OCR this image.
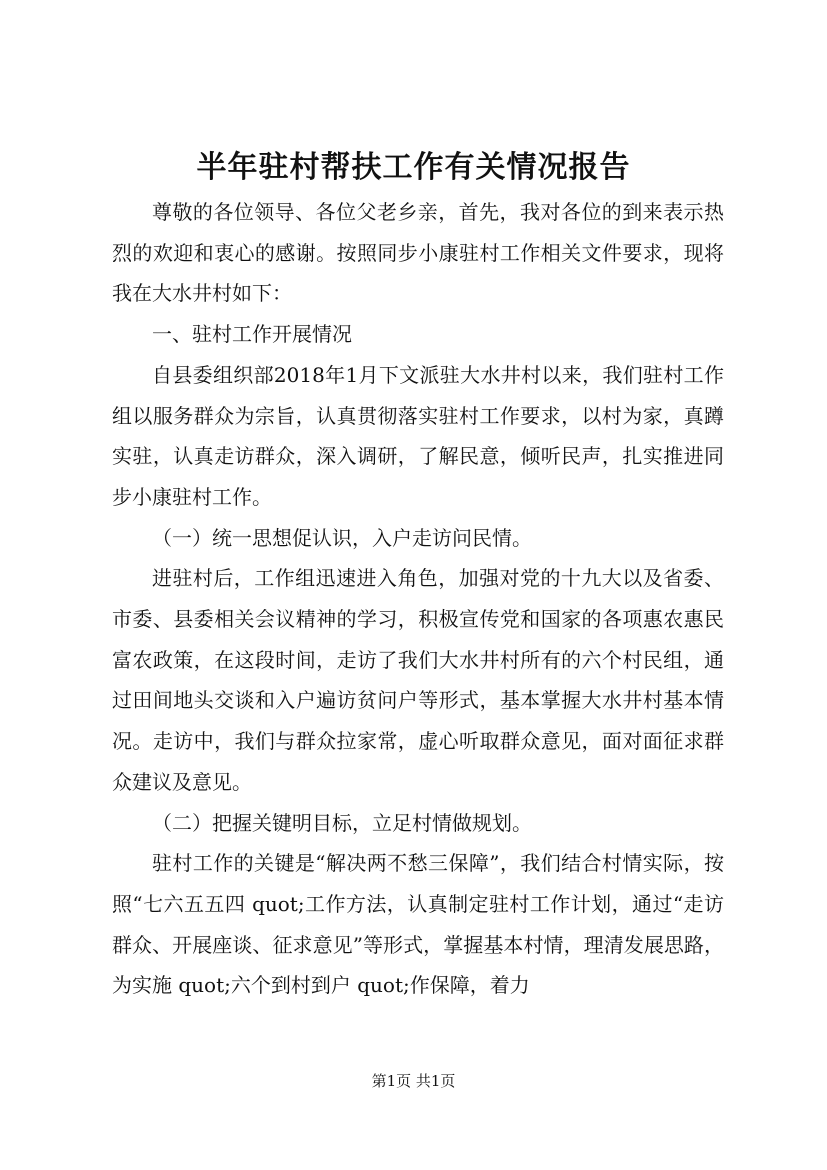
半年驻村帮扶工作有关情况报告

尊敬的各位领导、各位父老乡亲，首先，我对各位的到来表示热烈的欢迎和衷心的感谢。按照同步小康驻村工作相关文件要求，现将我在大水井村如下：

一、驻村工作开展情况

自县委组织部2018年1月下文派驻大水井村以来，我们驻村工作组以服务群众为宗旨，认真贯彻落实驻村工作要求，以村为家，真蹲实驻，认真走访群众，深入调研，了解民意，倾听民声，扎实推进同步小康驻村工作。

（一）统一思想促认识，入户走访问民情。

进驻村后，工作组迅速进入角色，加强对党的十九大以及省委、市委、县委相关会议精神的学习，积极宣传党和国家的各项惠农惠民富农政策，在这段时间，走访了我们大水井村所有的六个村民组，通过田间地头交谈和入户遍访贫问户等形式，基本掌握大水井村基本情况。走访中，我们与群众拉家常，虚心听取群众意见，面对面征求群众建议及意见。

（二）把握关键明目标，立足村情做规划。

驻村工作的关键是“解决两不愁三保障”，我们结合村情实际，按照“七六五五四 quot;工作方法，认真制定驻村工作计划，通过“走访群众、开展座谈、征求意见”等形式，掌握基本村情，理清发展思路，为实施 quot;六个到村到户 quot;作保障，着力

第1页 共1页
